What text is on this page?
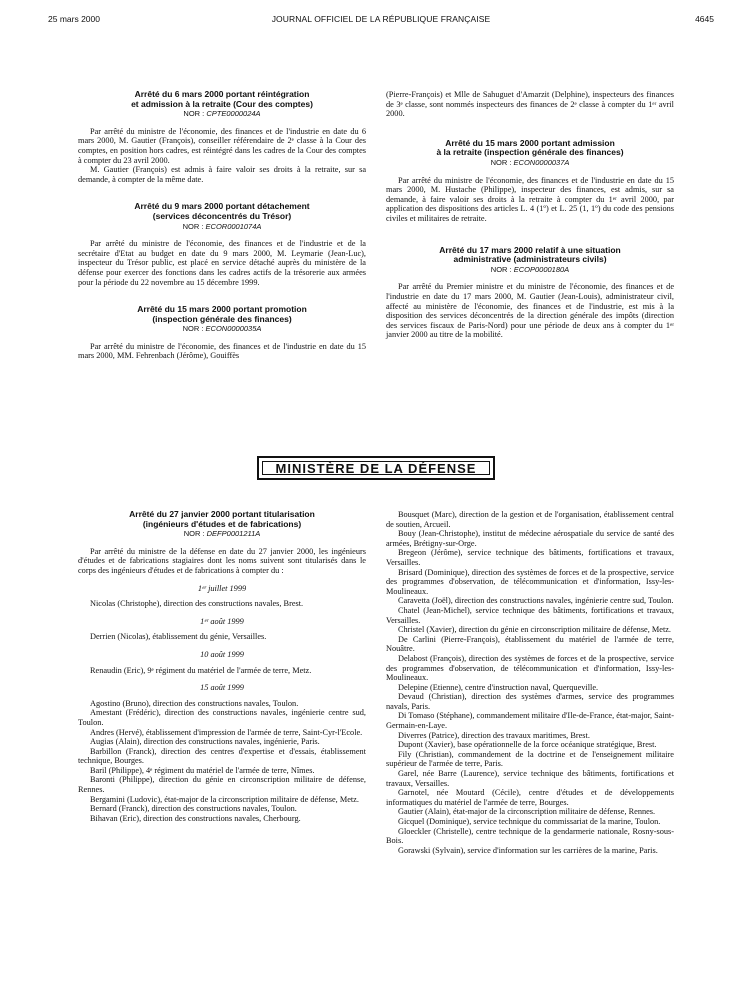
25 mars 2000	JOURNAL OFFICIEL DE LA RÉPUBLIQUE FRANÇAISE	4645
Arrêté du 6 mars 2000 portant réintégration
et admission à la retraite (Cour des comptes)
NOR : CPTE0000024A

Par arrêté du ministre de l'économie, des finances et de l'industrie en date du 6 mars 2000, M. Gautier (François), conseiller référendaire de 2ᵉ classe à la Cour des comptes, en position hors cadres, est réintégré dans les cadres de la Cour des comptes à compter du 23 avril 2000.

M. Gautier (François) est admis à faire valoir ses droits à la retraite, sur sa demande, à compter de la même date.

Arrêté du 9 mars 2000 portant détachement
(services déconcentrés du Trésor)
NOR : ECOR0001074A

Par arrêté du ministre de l'économie, des finances et de l'industrie et de la secrétaire d'Etat au budget en date du 9 mars 2000, M. Leymarie (Jean-Luc), inspecteur du Trésor public, est placé en service détaché auprès du ministère de la défense pour exercer des fonctions dans les cadres actifs de la trésorerie aux armées pour la période du 22 novembre au 15 décembre 1999.

Arrêté du 15 mars 2000 portant promotion
(inspection générale des finances)
NOR : ECON0000035A

Par arrêté du ministre de l'économie, des finances et de l'industrie en date du 15 mars 2000, MM. Fehrenbach (Jérôme), Gouiffès

(Pierre-François) et Mlle de Sahuguet d'Amarzit (Delphine), inspecteurs des finances de 3ᵉ classe, sont nommés inspecteurs des finances de 2ᵉ classe à compter du 1ᵉʳ avril 2000.

Arrêté du 15 mars 2000 portant admission
à la retraite (inspection générale des finances)
NOR : ECON0000037A

Par arrêté du ministre de l'économie, des finances et de l'industrie en date du 15 mars 2000, M. Hustache (Philippe), inspecteur des finances, est admis, sur sa demande, à faire valoir ses droits à la retraite à compter du 1ᵉʳ avril 2000, par application des dispositions des articles L. 4 (1º) et L. 25 (1, 1º) du code des pensions civiles et militaires de retraite.

Arrêté du 17 mars 2000 relatif à une situation
administrative (administrateurs civils)
NOR : ECOP0000180A

Par arrêté du Premier ministre et du ministre de l'économie, des finances et de l'industrie en date du 17 mars 2000, M. Gautier (Jean-Louis), administrateur civil, affecté au ministère de l'économie, des finances et de l'industrie, est mis à la disposition des services déconcentrés de la direction générale des impôts (direction des services fiscaux de Paris-Nord) pour une période de deux ans à compter du 1ᵉʳ janvier 2000 au titre de la mobilité.

MINISTÈRE DE LA DÉFENSE
Arrêté du 27 janvier 2000 portant titularisation
(ingénieurs d'études et de fabrications)
NOR : DEFP0001211A

Par arrêté du ministre de la défense en date du 27 janvier 2000, les ingénieurs d'études et de fabrications stagiaires dont les noms suivent sont titularisés dans le corps des ingénieurs d'études et de fabrications à compter du :

1ᵉʳ juillet 1999

Nicolas (Christophe), direction des constructions navales, Brest.

1ᵉʳ août 1999

Derrien (Nicolas), établissement du génie, Versailles.

10 août 1999

Renaudin (Eric), 9ᵉ régiment du matériel de l'armée de terre, Metz.

15 août 1999

Agostino (Bruno), direction des constructions navales, Toulon.

Amestant (Frédéric), direction des constructions navales, ingénierie centre sud, Toulon.

Andres (Hervé), établissement d'impression de l'armée de terre, Saint-Cyr-l'Ecole.

Augias (Alain), direction des constructions navales, ingénierie, Paris.

Barbillon (Franck), direction des centres d'expertise et d'essais, établissement technique, Bourges.

Baril (Philippe), 4ᵉ régiment du matériel de l'armée de terre, Nîmes.

Baronti (Philippe), direction du génie en circonscription militaire de défense, Rennes.

Bergamini (Ludovic), état-major de la circonscription militaire de défense, Metz.

Bernard (Franck), direction des constructions navales, Toulon.

Bihavan (Eric), direction des constructions navales, Cherbourg.

Bousquet (Marc), direction de la gestion et de l'organisation, établissement central de soutien, Arcueil.

Bouy (Jean-Christophe), institut de médecine aérospatiale du service de santé des armées, Brétigny-sur-Orge.

Bregeon (Jérôme), service technique des bâtiments, fortifications et travaux, Versailles.

Brisard (Dominique), direction des systèmes de forces et de la prospective, service des programmes d'observation, de télécommunication et d'information, Issy-les-Moulineaux.

Caravetta (Joël), direction des constructions navales, ingénierie centre sud, Toulon.

Chatel (Jean-Michel), service technique des bâtiments, fortifications et travaux, Versailles.

Christel (Xavier), direction du génie en circonscription militaire de défense, Metz.

De Carlini (Pierre-François), établissement du matériel de l'armée de terre, Nouâtre.

Delabost (François), direction des systèmes de forces et de la prospective, service des programmes d'observation, de télécommunication et d'information, Issy-les-Moulineaux.

Delepine (Etienne), centre d'instruction naval, Querqueville.

Devaud (Christian), direction des systèmes d'armes, service des programmes navals, Paris.

Di Tomaso (Stéphane), commandement militaire d'Ile-de-France, état-major, Saint-Germain-en-Laye.

Diverres (Patrice), direction des travaux maritimes, Brest.

Dupont (Xavier), base opérationnelle de la force océanique stratégique, Brest.

Fily (Christian), commandement de la doctrine et de l'enseignement militaire supérieur de l'armée de terre, Paris.

Garel, née Barre (Laurence), service technique des bâtiments, fortifications et travaux, Versailles.

Garnotel, née Moutard (Cécile), centre d'études et de développements informatiques du matériel de l'armée de terre, Bourges.

Gautier (Alain), état-major de la circonscription militaire de défense, Rennes.

Gicquel (Dominique), service technique du commissariat de la marine, Toulon.

Gloeckler (Christelle), centre technique de la gendarmerie nationale, Rosny-sous-Bois.

Gorawski (Sylvain), service d'information sur les carrières de la marine, Paris.
